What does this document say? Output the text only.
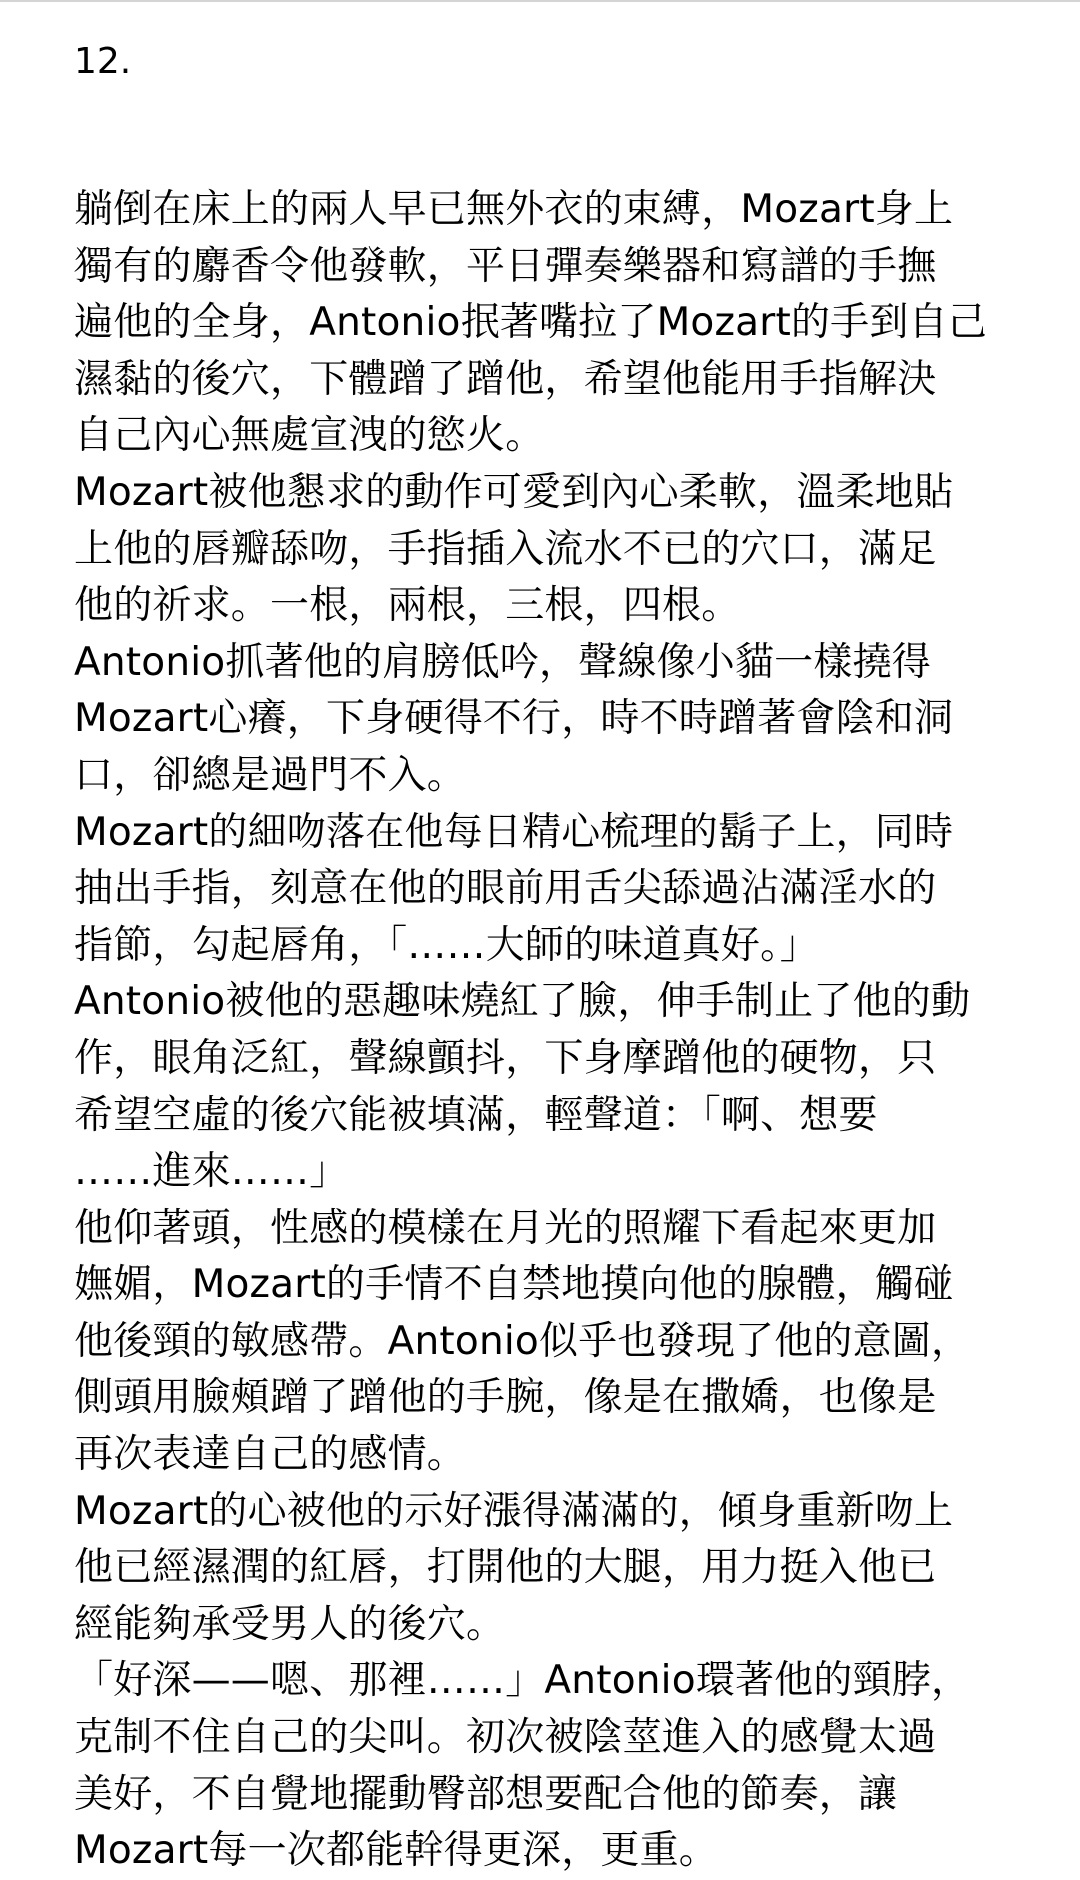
12.

躺倒在床上的兩人早已無外衣的束縛，Mozart身上
獨有的麝香令他發軟，平日彈奏樂器和寫譜的手撫
遍他的全身，Antonio抿著嘴拉了Mozart的手到自己
濕黏的後穴，下體蹭了蹭他，希望他能用手指解決
自己內心無處宣洩的慾火。
Mozart被他懇求的動作可愛到內心柔軟，溫柔地貼
上他的唇瓣舔吻，手指插入流水不已的穴口，滿足
他的祈求。一根，兩根，三根，四根。
Antonio抓著他的肩膀低吟，聲線像小貓一樣撓得
Mozart心癢，下身硬得不行，時不時蹭著會陰和洞
口，卻總是過門不入。
Mozart的細吻落在他每日精心梳理的鬍子上，同時
抽出手指，刻意在他的眼前用舌尖舔過沾滿淫水的
指節，勾起唇角，「……大師的味道真好。」
Antonio被他的惡趣味燒紅了臉，伸手制止了他的動
作，眼角泛紅，聲線顫抖，下身摩蹭他的硬物，只
希望空虛的後穴能被填滿，輕聲道：「啊、想要
……進來……」
他仰著頭，性感的模樣在月光的照耀下看起來更加
嫵媚，Mozart的手情不自禁地摸向他的腺體，觸碰
他後頸的敏感帶。Antonio似乎也發現了他的意圖，
側頭用臉頰蹭了蹭他的手腕，像是在撒嬌，也像是
再次表達自己的感情。
Mozart的心被他的示好漲得滿滿的，傾身重新吻上
他已經濕潤的紅唇，打開他的大腿，用力挺入他已
經能夠承受男人的後穴。
「好深——嗯、那裡……」Antonio環著他的頸脖，
克制不住自己的尖叫。初次被陰莖進入的感覺太過
美好，不自覺地擺動臀部想要配合他的節奏，讓
Mozart每一次都能幹得更深，更重。
